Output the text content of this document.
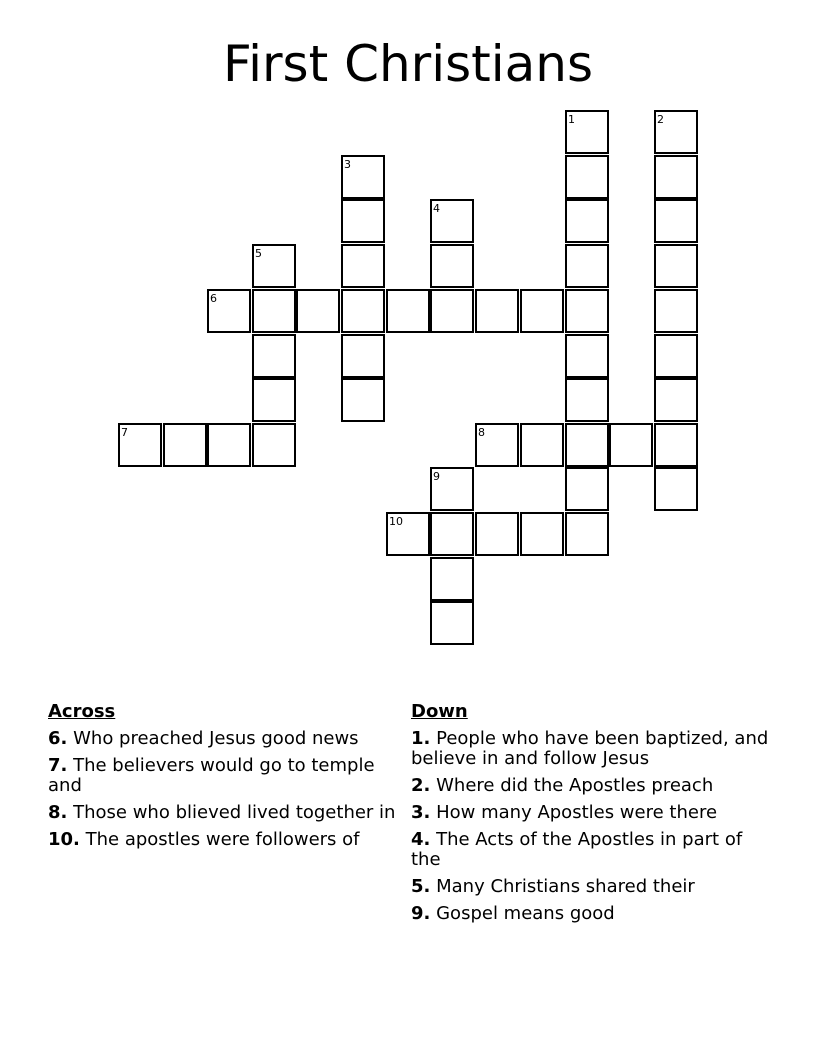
First Christians
1	2
3
4
5
6
7	8
9
10
Across
6. Who preached Jesus good news
7. The believers would go to temple and
8. Those who blieved lived together in
10. The apostles were followers of
Down
1. People who have been baptized, and believe in and follow Jesus
2. Where did the Apostles preach
3. How many Apostles were there
4. The Acts of the Apostles in part of the
5. Many Christians shared their
9. Gospel means good
